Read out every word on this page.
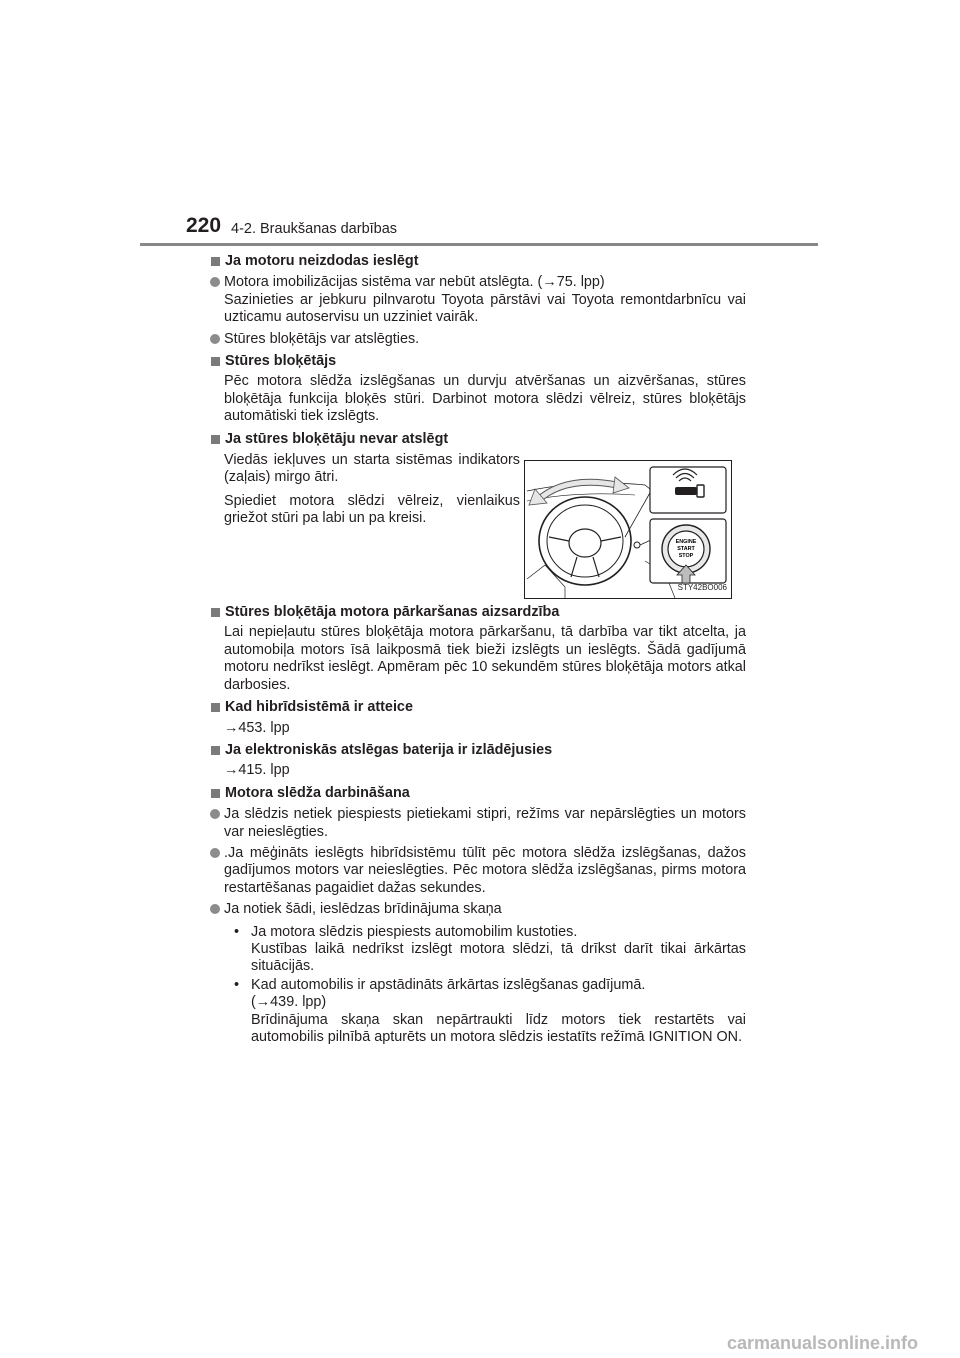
220 4-2. Braukšanas darbības
Ja motoru neizdodas ieslēgt
Motora imobilizācijas sistēma var nebūt atslēgta. (→75. lpp)
Sazinieties ar jebkuru pilnvarotu Toyota pārstāvi vai Toyota remontdarbnīcu vai uzticamu autoservisu un uzziniet vairāk.
Stūres bloķētājs var atslēgties.
Stūres bloķētājs
Pēc motora slēdža izslēgšanas un durvju atvēršanas un aizvēršanas, stūres bloķētāja funkcija bloķēs stūri. Darbinot motora slēdzi vēlreiz, stūres bloķētājs automātiski tiek izslēgts.
Ja stūres bloķētāju nevar atslēgt
Viedās iekļuves un starta sistēmas indikators (zaļais) mirgo ātri.
Spiediet motora slēdzi vēlreiz, vienlaikus griežot stūri pa labi un pa kreisi.
ENGINE
START
STOP
STY42BO006
Stūres bloķētāja motora pārkaršanas aizsardzība
Lai nepieļautu stūres bloķētāja motora pārkaršanu, tā darbība var tikt atcelta, ja automobiļa motors īsā laikposmā tiek bieži izslēgts un ieslēgts. Šādā gadījumā motoru nedrīkst ieslēgt. Apmēram pēc 10 sekundēm stūres bloķētāja motors atkal darbosies.
Kad hibrīdsistēmā ir atteice
→453. lpp
Ja elektroniskās atslēgas baterija ir izlādējusies
→415. lpp
Motora slēdža darbināšana
Ja slēdzis netiek piespiests pietiekami stipri, režīms var nepārslēgties un motors var neieslēgties.
.Ja mēģināts ieslēgts hibrīdsistēmu tūlīt pēc motora slēdža izslēgšanas, dažos gadījumos motors var neieslēgties. Pēc motora slēdža izslēgšanas, pirms motora restartēšanas pagaidiet dažas sekundes.
Ja notiek šādi, ieslēdzas brīdinājuma skaņa
• Ja motora slēdzis piespiests automobilim kustoties.
Kustības laikā nedrīkst izslēgt motora slēdzi, tā drīkst darīt tikai ārkārtas situācijās.
• Kad automobilis ir apstādināts ārkārtas izslēgšanas gadījumā.
(→439. lpp)
Brīdinājuma skaņa skan nepārtraukti līdz motors tiek restartēts vai automobilis pilnībā apturēts un motora slēdzis iestatīts režīmā IGNITION ON.
carmanualsonline.info
